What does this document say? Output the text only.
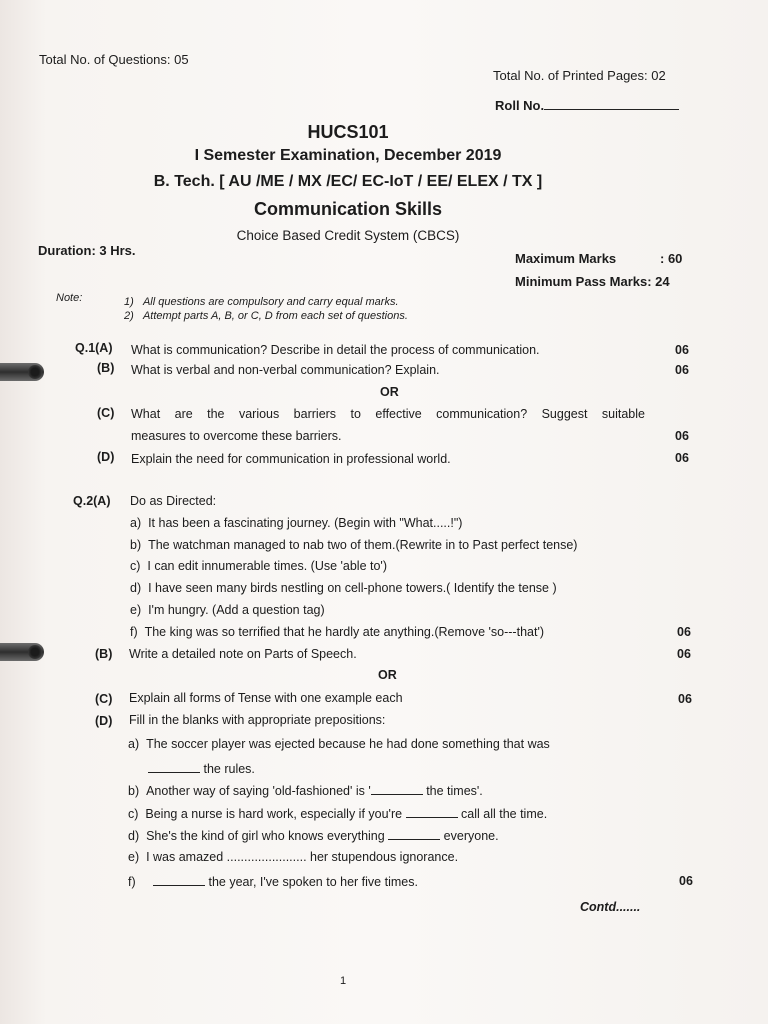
Total No. of Questions: 05
Total No. of Printed Pages: 02
Roll No.
HUCS101
I Semester Examination, December 2019
B. Tech. [ AU /ME / MX /EC/ EC-IoT / EE/ ELEX / TX ]
Communication Skills
Choice Based Credit System (CBCS)
Duration: 3 Hrs.
Maximum Marks	: 60
Minimum Pass Marks: 24
Note:	1) All questions are compulsory and carry equal marks.
2) Attempt parts A, B, or C, D from each set of questions.
Q.1(A) What is communication? Describe in detail the process of communication.	06
(B) What is verbal and non-verbal communication? Explain.	06
OR
(C) What are the various barriers to effective communication? Suggest suitable
measures to overcome these barriers.	06
(D) Explain the need for communication in professional world.	06
Q.2(A) Do as Directed:
a) It has been a fascinating journey. (Begin with "What.....!")
b) The watchman managed to nab two of them.(Rewrite in to Past perfect tense)
c) I can edit innumerable times. (Use 'able to')
d) I have seen many birds nestling on cell-phone towers.( Identify the tense )
e) I'm hungry. (Add a question tag)
f) The king was so terrified that he hardly ate anything.(Remove 'so---that')	06
(B) Write a detailed note on Parts of Speech.	06
OR
(C) Explain all forms of Tense with one example each	06
(D) Fill in the blanks with appropriate prepositions:
a) The soccer player was ejected because he had done something that was
the rules.
b) Another way of saying 'old-fashioned' is '	the times'.
c) Being a nurse is hard work, especially if you're	call all the time.
d) She's the kind of girl who knows everything	everyone.
e) I was amazed ....................... her stupendous ignorance.
f)	the year, I've spoken to her five times.	06
Contd.......
1
